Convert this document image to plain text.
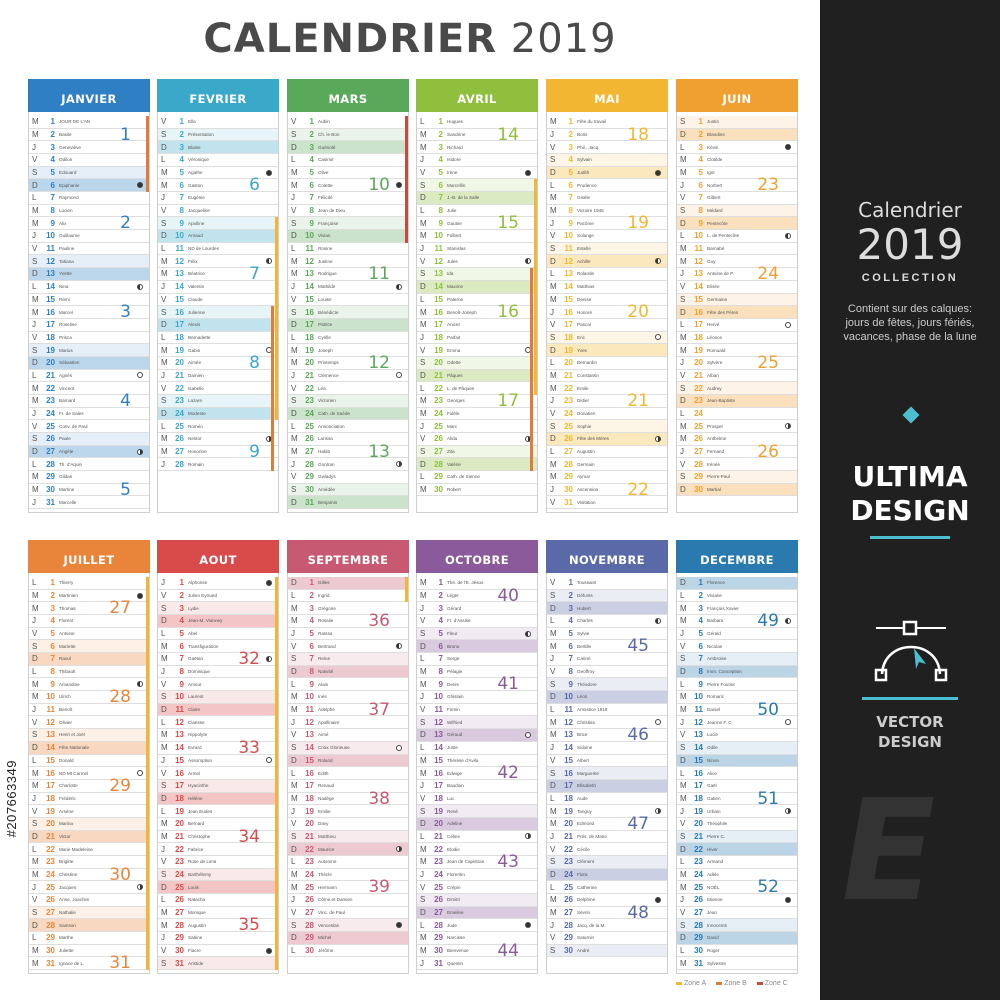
CALENDRIER 2019
JANVIER
M	1 JOUR DE L'AN
M	2 Basile
J	3 Geneviève
V	4 Odilon
S	5 Edouard
D	6 Epiphanie
L	7 Raymond
M	8 Lucien
M	9 Alix
J	10 Guillaume
V	11 Pauline
S	12 Tatiana
D	13 Yvette
L	14 Nina
M 15 Rémi
M 16 Marcel
J	17 Roseline
V	18 Prisca
S	19 Marius
D	20 Sébastien
L	21 Agnès
M 22 Vincent
M 23 Barnard
J	24 Fr. de Sales
V	25 Conv. de Paul
S	26 Paule
D	27 Angèle
L	28 Th. d'Aquin
M 29 Gildas
M 30 Martine
J	31 Marcelle
1
2
3
4
5
FEVRIER
V	1 Ella
S	2 Présentation
D	3 Blaise
L	4 Véronique
M	5 Agathe
M	6 Gaston
J	7 Eugénie
V	8 Jacqueline
S	9 Apolline
D	10 Arnaud
L	11 ND de Lourdes
M 12 Félix
M 13 Béatrice
J	14 Valentin
V	15 Claude
S	16 Julienne
D	17 Alexis
L	18 Bernadette
M 19 Gabin
M 20 Aimée
J	21 Damien
V	22 Isabelle
S	23 Lazare
D	24 Modeste
L	25 Roméo
M 26 Nestor
M 27 Honorine
J	28 Romain
6
7
8
9
MARS
V	1 Aubin
S	2 Ch. le Bon
D	3 Guénolé
L	4 Casimir
M	5 Olive
M	6 Colette
J	7 Félicité
V	8 Jean de Dieu
S	9 Françoise
D	10 Vivian
L	11 Rosine
M 12 Justine
M 13 Rodrigue
J	14 Mathilde
V	15 Louise
S	16 Bénédicte
D	17 Patrice
L	18 Cyrille
M 19 Joseph
M 20 Printemps
J	21 Clémence
V	22 Léa
S	23 Victorien
D	24 Cath. de Suède
L	25 Annonciation
M 26 Larissa
M 27 Habib
J	28 Gontran
V	29 Gwladys
S	30 Amédée
D	31 Benjamin
10
11
12
13
AVRIL
L	1 Hugues
M	2 Sandrine
M	3 Richard
J	4 Isidore
V	5 Irène
S	6 Marcellin
D	7 J.-B. de la Salle
L	8 Julie
M	9 Gautier
M 10 Fulbert
J	11 Stanislas
V	12 Jules
S	13 Ida
D	14 Maxime
L	15 Paterne
M 16 Benoît-Joseph
M 17 Anicet
J	18 Parfait
V	19 Emma
S	20 Odette
D	21 Pâques
L	22 L. de Pâques
M 23 Georges
M 24 Fidèle
J	25 Marc
V	26 Alida
S	27 Zita
D	28 Valérie
L	29 Cath. de Sienne
M 30 Robert
14
15
16
17
MAI
M	1 Fête du travail
J	2 Boris
V	3 Phil., Jacq.
S	4 Sylvain
D	5 Judith
L	6 Prudence
M	7 Gisèle
M	8 Victoire 1945
J	9 Pacôme
V	10 Solange
S	11 Estelle
D	12 Achille
L	13 Rolande
M 14 Matthias
M 15 Denise
J	16 Honoré
V	17 Pascal
S	18 Eric
D	19 Yves
L	20 Bernardin
M 21 Constantin
M 22 Emile
J	23 Didier
V	24 Donatien
S	25 Sophie
D	26 Fête des Mères
L	27 Augustin
M 28 Germain
M 29 Aymar
J	30 Ascension
V	31 Visitation
18
19
20
21
22
JUIN
S	1 Justin
D	2 Blandine
L	3 Kévin
M	4 Clotilde
M	5 Igor
J	6 Norbert
V	7 Gilbert
S	8 Médard
D	9 Pentecôte
L	10 L. de Pentecôte
M 11 Barnabé
M 12 Guy
J	13 Antoine de P.
V	14 Elisée
S	15 Germaine
D	16 Fête des Pères
L	17 Hervé
M 18 Léonce
M 19 Romuald
J	20 Sylvère
V	21 Alban
S	22 Audrey
D	23 Jean-Baptiste
L	24
M 25 Prosper
M 26 Anthelme
J	27 Fernand
V	28 Irénée
S	29 Pierre-Paul
D	30 Martial
23
24
25
26
JUILLET
L	1 Thierry
M	2 Martinien
M	3 Thomas
J	4 Florent
V	5 Antoine
S	6 Mariette
D	7 Raoul
L	8 Thibault
M	9 Amandine
M 10 Ulrich
J	11 Benoît
V	12 Olivier
S	13 Henri et Joël
D	14 Fête Nationale
L	15 Donald
M 16 ND Mt Carmel
M 17 Charlotte
J	18 Frédéric
V	19 Arsène
S	20 Marina
D	21 Victor
L	22 Marie Madeleine
M 23 Brigitte
M 24 Christine
J	25 Jacques
V	26 Anne, Joachim
S	27 Nathalie
D	28 Samson
L	29 Marthe
M 30 Juliette
M 31 Ignace de L.
27
28
29
30
31
AOUT
J	1 Alphonse
V	2 Julien Eymard
S	3 Lydie
D	4 Jean-M. Vianney
L	5 Abel
M	6 Transfiguration
M	7 Gaëtan
J	8 Dominique
V	9 Amour
S	10 Laurent
D	11 Claire
L	12 Clarisse
M 13 Hippolyte
M 14 Evrard
J	15 Assomption
V	16 Armel
S	17 Hyacinthe
D	18 Hélène
L	19 Jean Eudes
M 20 Bernard
M 21 Christophe
J	22 Fabrice
V	23 Rose de Lima
S	24 Barthélemy
D	25 Louis
L	26 Natacha
M 27 Monique
M 28 Augustin
J	29 Sabine
V	30 Fiacre
S	31 Aristide
32
33
34
35
SEPTEMBRE
D	1 Gilles
L	2 Ingrid
M	3 Grégoire
M	4 Rosalie
J	5 Raïssa
V	6 Bertrand
S	7 Reine
D	8 Nativité
L	9 Alain
M 10 Inès
M 11 Adelphe
J	12 Apollinaire
V	13 Aimé
S	14 Croix Glorieuse
D	15 Roland
L	16 Edith
M 17 Renaud
M 18 Nadège
J	19 Emilie
V	20 Davy
S	21 Matthieu
D	22 Maurice
L	23 Automne
M 24 Thècle
M 25 Hermann
J	26 Côme et Damien
V	27 Vinc. de Paul
S	28 Venceslas
D	29 Michel
L	30 Jérôme
36
37
38
39
OCTOBRE
M	1 Thé. de l'E. Jésus
M	2 Léger
J	3 Gérard
V	4 Fr. d'Assise
S	5 Fleur
D	6 Bruno
L	7 Serge
M	8 Pélagie
M	9 Denis
J	10 Ghislain
V	11 Firmin
S	12 Wilfried
D	13 Géraud
L	14 Juste
M 15 Thérèse d'Avila
M 16 Edwige
J	17 Baudoin
V	18 Luc
S	19 René
D	20 Adeline
L	21 Céline
M 22 Elodie
M 23 Jean de Capistran
J	24 Florentin
V	25 Crépin
S	26 Dimitri
D	27 Emeline
L	28 Jude
M 29 Narcisse
M 30 Bienvenue
J	31 Quentin
40
41
42
43
44
NOVEMBRE
V	1 Toussaint
S	2 Défunts
D	3 Hubert
L	4 Charles
M	5 Sylvie
M	6 Bertille
J	7 Carine
V	8 Geoffroy
S	9 Théodore
D	10 Léon
L	11 Armistice 1918
M 12 Christian
M 13 Brice
J	14 Sidoine
V	15 Albert
S	16 Marguerite
D	17 Elisabeth
L	18 Aude
M 19 Tanguy
M 20 Edmond
J	21 Prés. de Marie
V	22 Cécile
S	23 Clément
D	24 Flora
L	25 Catherine
M 26 Delphine
M 27 Sévrin
J	28 Jacq. de la M.
V	29 Saturnin
S	30 André
45
46
47
48
DECEMBRE
D	1 Florence
L	2 Viviane
M	3 François Xavier
M	4 Barbara
J	5 Gérald
V	6 Nicolas
S	7 Ambroise
D	8 Imm. Conception
L	9 Pierre Fourier
M 10 Romaric
M 11 Daniel
J	12 Jeanne F. C.
V	13 Lucie
S	14 Odile
D	15 Ninon
L	16 Alice
M 17 Gaël
M 18 Gatien
J	19 Urbain
V	20 Théophile
S	21 Pierre C.
D	22 Hiver
L	23 Armand
M 24 Adèle
M 25 NOËL
J	26 Etienne
V	27 Jean
S	28 Innocents
D	29 David
L	30 Roger
M 31 Sylvestre
49
50
51
52
Calendrier
2019
COLLECTION
Contient sur des calques: jours de fêtes, jours fériés, vacances, phase de la lune
ULTIMA
DESIGN
E
VECTOR
DESIGN
Zone A	Zone B	Zone C
#207663349
